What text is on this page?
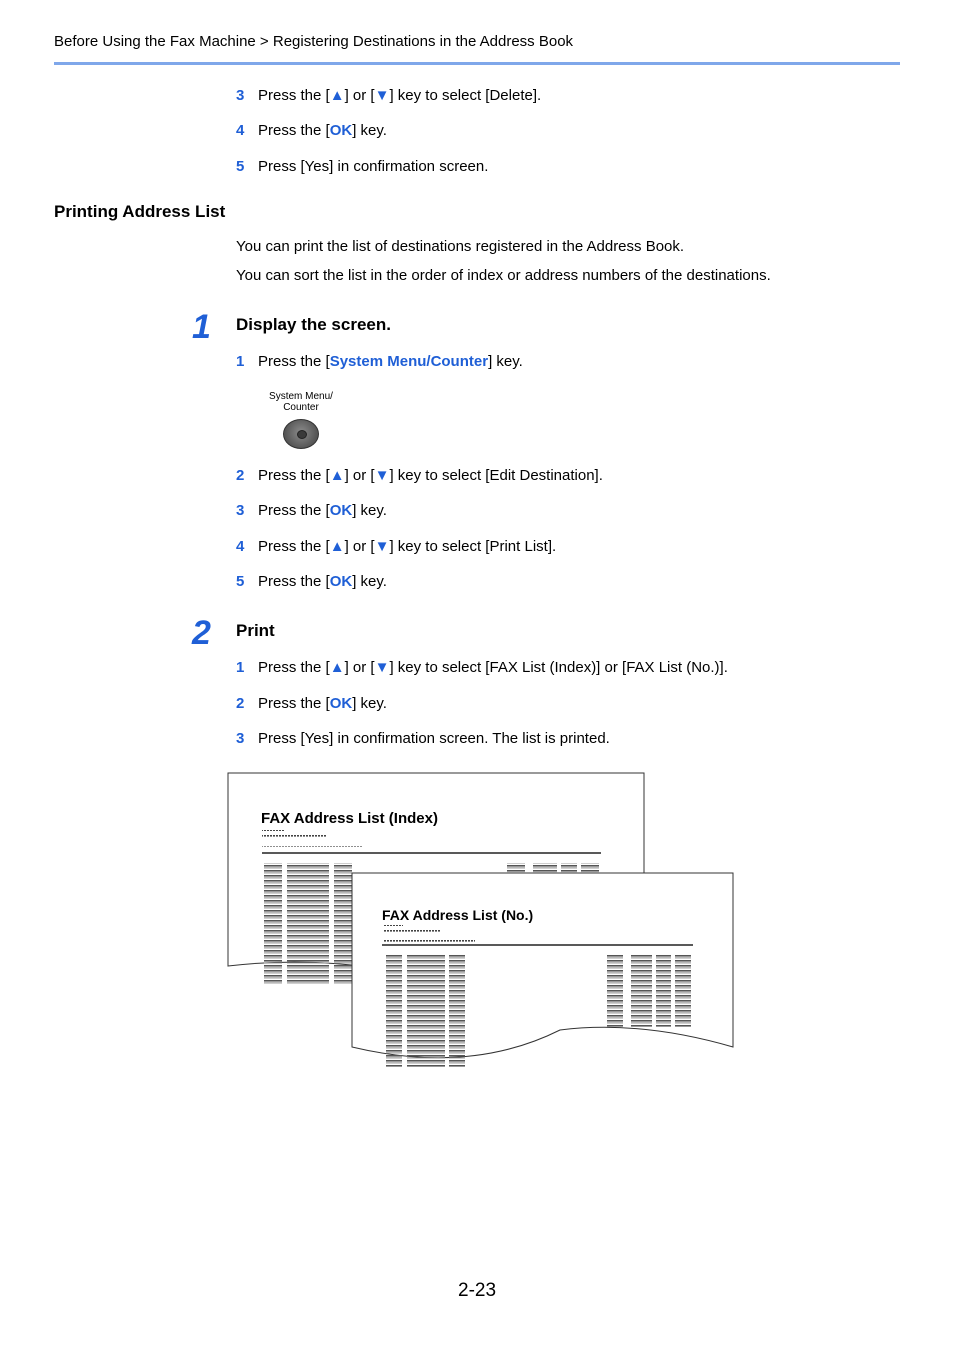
Before Using the Fax Machine > Registering Destinations in the Address Book
3 Press the [▲] or [▼] key to select [Delete].
4 Press the [OK] key.
5 Press [Yes] in confirmation screen.
Printing Address List
You can print the list of destinations registered in the Address Book.
You can sort the list in the order of index or address numbers of the destinations.
1 Display the screen.
1 Press the [System Menu/Counter] key.
System Menu/
Counter
2 Press the [▲] or [▼] key to select [Edit Destination].
3 Press the [OK] key.
4 Press the [▲] or [▼] key to select [Print List].
5 Press the [OK] key.
2 Print
1 Press the [▲] or [▼] key to select [FAX List (Index)] or [FAX List (No.)].
2 Press the [OK] key.
3 Press [Yes] in confirmation screen. The list is printed.
FAX Address List (Index)
FAX Address List (No.)
2-23
